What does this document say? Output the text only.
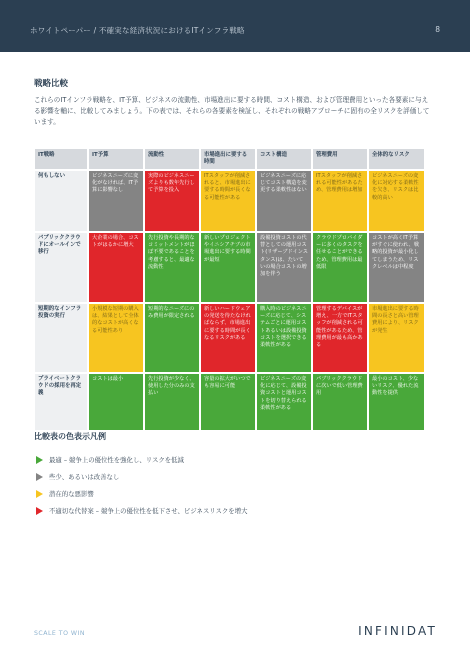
ホワイトペーパー / 不確実な経済状況におけるITインフラ戦略	8
戦略比較

これらのITインフラ戦略を、IT予算、ビジネスの流動性、市場進出に要する時間、コスト構造、および管理費用といった各要素に与える影響を軸に、比較してみましょう。下の表では、それらの各要素を検証し、それぞれの戦略アプローチに固有の全リスクを評価しています。

IT戦略	IT予算	流動性	市場進出に要する時間	コスト構造	管理費用	全体的なリスク
何もしない	ビジネスニーズに変化がなければ、IT予算に影響なし	実際のビジネスニーズよりも数年先行して予算を投入	ITスタッフが削減されると、市場進出に要する時間が長くなる可能性がある	ビジネスニーズに応じてコスト構造を変更する柔軟性はない	ITスタッフが削減される可能性があるため、管理費用は増加	ビジネスニーズの変化に対応する柔軟性を欠き、リスクは比較的高い
パブリッククラウドにオールインで移行	大企業の場合、コストがはるかに増大	先行投資や長期的なコミットメントがほぼ不要であることを考慮すると、最適な流動性	新しいプロジェクトやイニシアチブの市場進出に要する時間が最短	設備投資コストの代替としての運用コスト(リザーブドインスタンス)は、たいていの場合コストの増加を伴う	クラウドプロバイダーに多くのタスクを任せることができるため、管理費用は最低限	コストが高くIT予算がすぐに使われ、戦略的投資が最小化してしまうため、リスクレベルは中程度
短期的なインフラ投資の実行	小規模な短期の購入は、結果として全体的なコストが高くなる可能性あり	短期的なニーズにのみ費用が限定される	新しいハードウェアの発送を待たなければならず、市場進出に要する時間が長くなるリスクがある	購入時のビジネスニーズに応じて、システムごとに運用コストあるいは設備投資コストを選択できる柔軟性がある	管理するデバイスが増え、一方でITスタッフが削減される可能性があるため、管理費用が最も高かある	市場進出に要する時間の長さと高い管理費用により、リスクが発生
プライベートクラウドの採用を再定義	コストは最小	先行投資が少なく、使用した分のみの支払い	容量の拡大がいつでも容易に可能	ビジネスニーズの変化に応じて、設備投資コストと運用コストを切り替えられる柔軟性がある	パブリッククラウドに次いで低い管理費用	最小のコスト、少ないリスク、優れた流動性を提供
比較表の色表示凡例
最適 – 競争上の優位性を強化し、リスクを低減
些少、あるいは改善なし
潜在的な悪影響
不適切な代替案 – 競争上の優位性を低下させ、ビジネスリスクを増大
SCALE TO WIN	INFINIDAT
